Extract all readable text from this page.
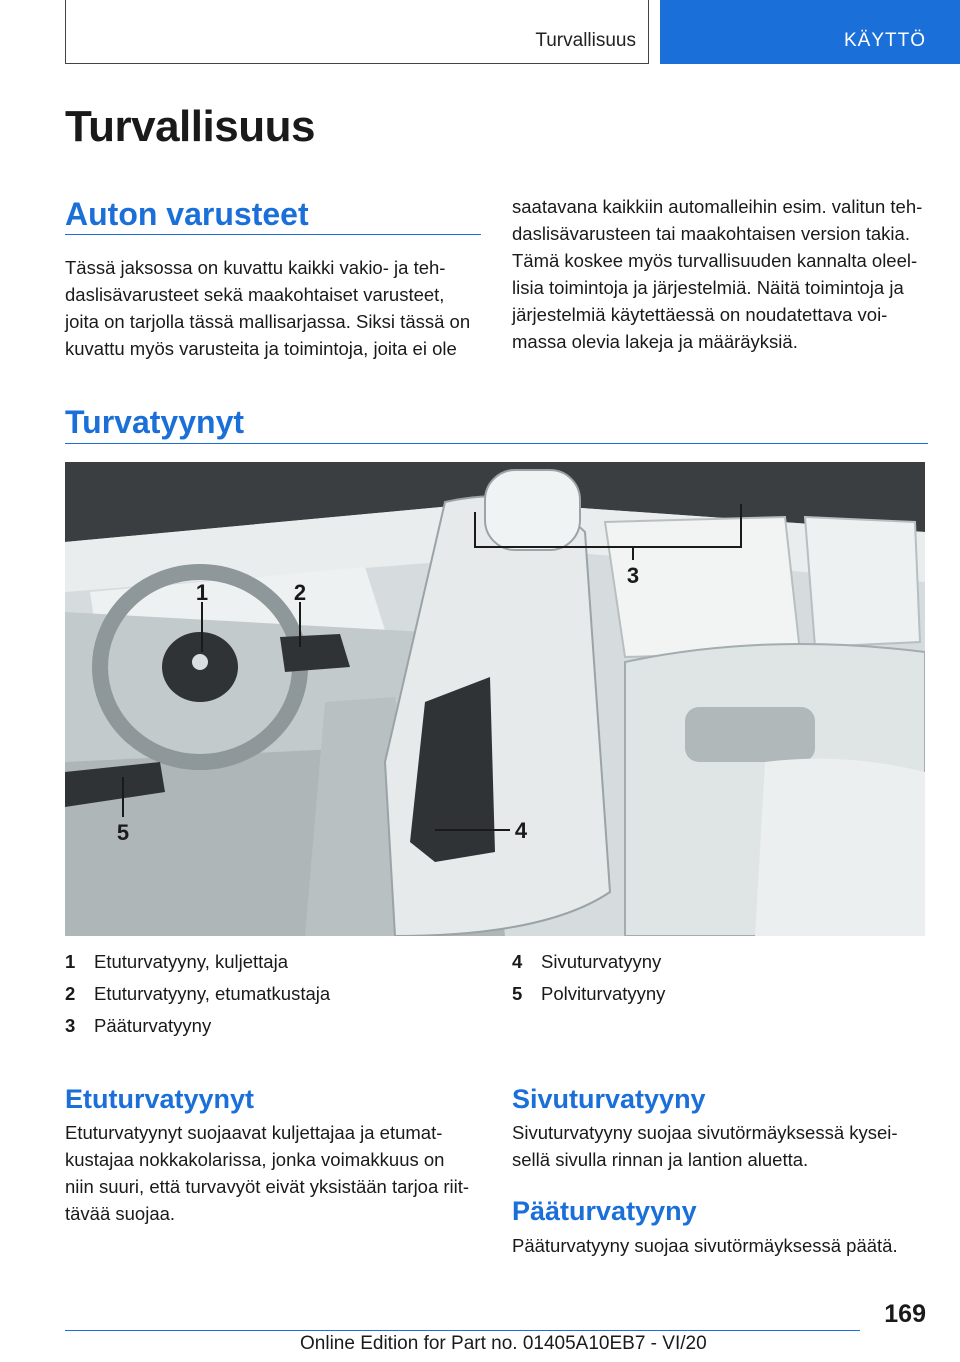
Turvallisuus	KÄYTTÖ
Turvallisuus
Auton varusteet

Tässä jaksossa on kuvattu kaikki vakio- ja teh-
daslisävarusteet sekä maakohtaiset varusteet,
joita on tarjolla tässä mallisarjassa. Siksi tässä on
kuvattu myös varusteita ja toimintoja, joita ei ole

saatavana kaikkiin automalleihin esim. valitun teh-
daslisävarusteen tai maakohtaisen version takia.
Tämä koskee myös turvallisuuden kannalta oleel-
lisia toimintoja ja järjestelmiä. Näitä toimintoja ja
järjestelmiä käytettäessä on noudatettava voi-
massa olevia lakeja ja määräyksiä.

Turvatyynyt
1	2
3
4
5
1 Etuturvatyyny, kuljettaja
2 Etuturvatyyny, etumatkustaja
3 Pääturvatyyny
4 Sivuturvatyyny
5 Polviturvatyyny
Etuturvatyynyt

Etuturvatyynyt suojaavat kuljettajaa ja etumat-
kustajaa nokkakolarissa, jonka voimakkuus on
niin suuri, että turvavyöt eivät yksistään tarjoa riit-
tävää suojaa.

Sivuturvatyyny

Sivuturvatyyny suojaa sivutörmäyksessä kysei-
sellä sivulla rinnan ja lantion aluetta.

Pääturvatyyny

Pääturvatyyny suojaa sivutörmäyksessä päätä.

169
Online Edition for Part no. 01405A10EB7 - VI/20
